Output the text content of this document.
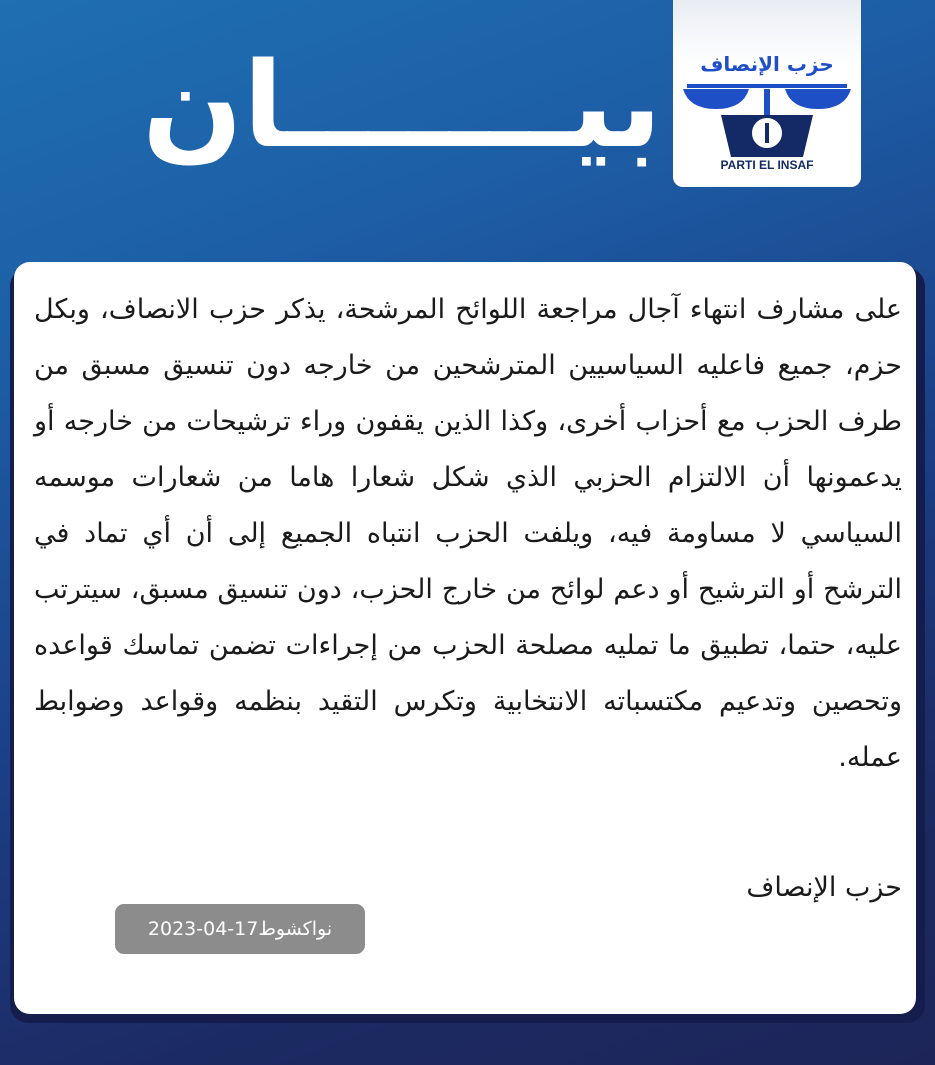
بيـــــــان	حزب الإنصاف
PARTI EL INSAF
على مشارف انتهاء آجال مراجعة اللوائح المرشحة، يذكر حزب الانصاف، وبكل حزم، جميع فاعليه السياسيين المترشحين من خارجه دون تنسيق مسبق من طرف الحزب مع أحزاب أخرى، وكذا الذين يقفون وراء ترشيحات من خارجه أو يدعمونها أن الالتزام الحزبي الذي شكل شعارا هاما من شعارات موسمه السياسي لا مساومة فيه، ويلفت الحزب انتباه الجميع إلى أن أي تماد في الترشح أو الترشيح أو دعم لوائح من خارج الحزب، دون تنسيق مسبق، سيترتب عليه، حتما، تطبيق ما تمليه مصلحة الحزب من إجراءات تضمن تماسك قواعده وتحصين وتدعيم مكتسباته الانتخابية وتكرس التقيد بنظمه وقواعد وضوابط عمله.
حزب الإنصاف
نواكشوط17-04-2023
